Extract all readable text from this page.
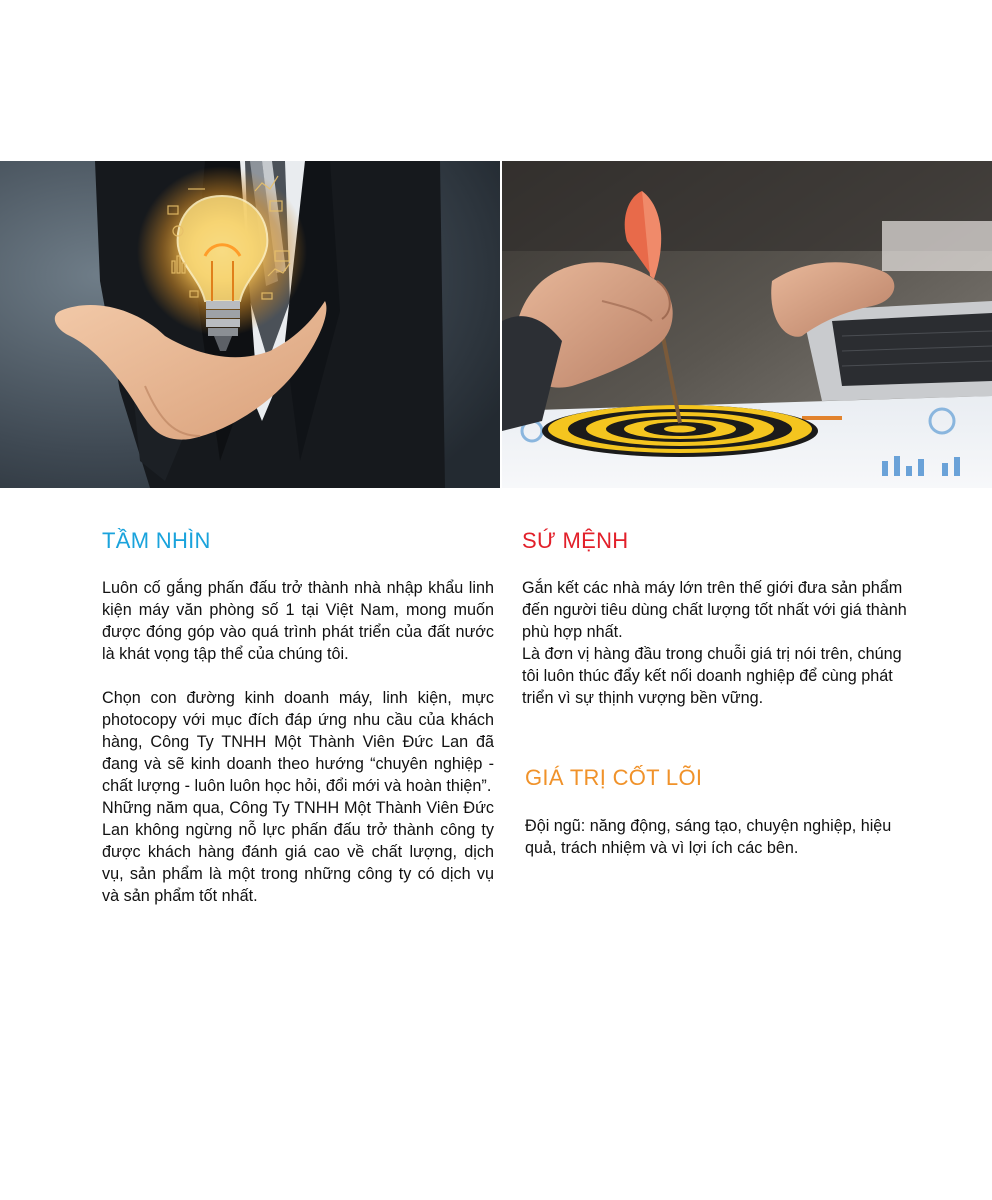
TẦM NHÌN

Luôn cố gắng phấn đấu trở thành nhà nhập khẩu linh kiện máy văn phòng số 1 tại Việt Nam, mong muốn được đóng góp vào quá trình phát triển của đất nước là khát vọng tập thể của chúng tôi.

Chọn con đường kinh doanh máy, linh kiện, mực photocopy với mục đích đáp ứng nhu cầu của khách hàng, Công Ty TNHH Một Thành Viên Đức Lan đã đang và sẽ kinh doanh theo hướng “chuyên nghiệp - chất lượng - luôn luôn học hỏi, đổi mới và hoàn thiện”.

Những năm qua, Công Ty TNHH Một Thành Viên Đức Lan không ngừng nỗ lực phấn đấu trở thành công ty được khách hàng đánh giá cao về chất lượng, dịch vụ, sản phẩm là một trong những công ty có dịch vụ và sản phẩm tốt nhất.

SỨ MỆNH

Gắn kết các nhà máy lớn trên thế giới đưa sản phẩm đến người tiêu dùng chất lượng tốt nhất với giá thành phù hợp nhất.

Là đơn vị hàng đầu trong chuỗi giá trị nói trên, chúng tôi luôn thúc đẩy kết nối doanh nghiệp để cùng phát triển vì sự thịnh vượng bền vững.

GIÁ TRỊ CỐT LÕI

Đội ngũ: năng động, sáng tạo, chuyện nghiệp, hiệu quả, trách nhiệm và vì lợi ích các bên.
